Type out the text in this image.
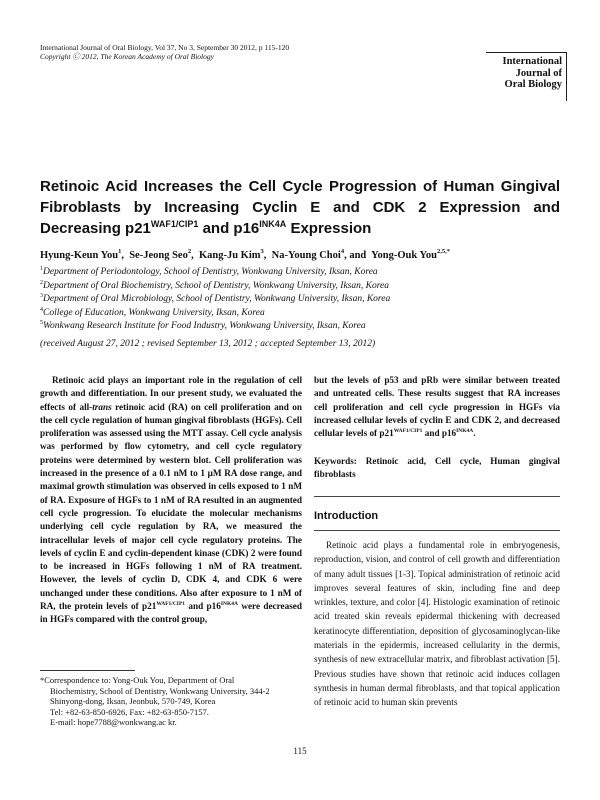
International Journal of Oral Biology, Vol 37, No 3, September 30 2012, p 115-120
Copyright Ⓒ 2012, The Korean Academy of Oral Biology	International
Journal of
Oral Biology
Retinoic Acid Increases the Cell Cycle Progression of Human Gingival Fibroblasts by Increasing Cyclin E and CDK 2 Expression and Decreasing $p21^{WAF1/CIP1}$ and $p16^{INK4A}$ Expression
Hyung-Keun You$^1$,  Se-Jeong Seo$^2$,  Kang-Ju Kim$^3$,  Na-Young Choi$^4$, and  Yong-Ouk You$^{2,5,*}$
$^1$Department of Periodontology, School of Dentistry, Wonkwang University, Iksan, Korea
$^2$Department of Oral Biochemistry, School of Dentistry, Wonkwang University, Iksan, Korea
$^3$Department of Oral Microbiology, School of Dentistry, Wonkwang University, Iksan, Korea
$^4$College of Education, Wonkwang University, Iksan, Korea
$^5$Wonkwang Research Institute for Food Industry, Wonkwang University, Iksan, Korea
(received August 27, 2012 ; revised September 13, 2012 ; accepted September 13, 2012)
Retinoic acid plays an important role in the regulation of cell growth and differentiation. In our present study, we evaluated the effects of all-trans retinoic acid (RA) on cell proliferation and on the cell cycle regulation of human gingival fibroblasts (HGFs). Cell proliferation was assessed using the MTT assay. Cell cycle analysis was performed by flow cytometry, and cell cycle regulatory proteins were determined by western blot. Cell proliferation was increased in the presence of a 0.1 nM to 1 μM RA dose range, and maximal growth stimulation was observed in cells exposed to 1 nM of RA. Exposure of HGFs to 1 nM of RA resulted in an augmented cell cycle progression. To elucidate the molecular mechanisms underlying cell cycle regulation by RA, we measured the intracellular levels of major cell cycle regulatory proteins. The levels of cyclin E and cyclin-dependent kinase (CDK) 2 were found to be increased in HGFs following 1 nM of RA treatment. However, the levels of cyclin D, CDK 4, and CDK 6 were unchanged under these conditions. Also after exposure to 1 nM of RA, the protein levels of $p21^{WAF1/CIP1}$ and $p16^{INK4A}$ were decreased in HGFs compared with the control group,
but the levels of p53 and pRb were similar between treated and untreated cells. These results suggest that RA increases cell proliferation and cell cycle progression in HGFs via increased cellular levels of cyclin E and CDK 2, and decreased cellular levels of $p21^{WAF1/CIP1}$ and $p16^{INK4A}$.
Keywords: Retinoic acid, Cell cycle, Human gingival fibroblasts
Introduction
Retinoic acid plays a fundamental role in embryogenesis, reproduction, vision, and control of cell growth and differentiation of many adult tissues [1-3]. Topical administration of retinoic acid improves several features of skin, including fine and deep wrinkles, texture, and color [4]. Histologic examination of retinoic acid treated skin reveals epidermal thickening with decreased keratinocyte differentiation, deposition of glycosaminoglycan-like materials in the epidermis, increased cellularity in the dermis, synthesis of new extracellular matrix, and fibroblast activation [5]. Previous studies have shown that retinoic acid induces collagen synthesis in human dermal fibroblasts, and that topical application of retinoic acid to human skin prevents
*Correspondence to: Yong-Ouk You, Department of Oral
Biochemistry, School of Dentistry, Wonkwang University, 344-2
Shinyong-dong, Iksan, Jeonbuk, 570-749, Korea
Tel: +82-63-850-6926, Fax: +82-63-850-7157.
E-mail: hope7788@wonkwang.ac kr.
115
